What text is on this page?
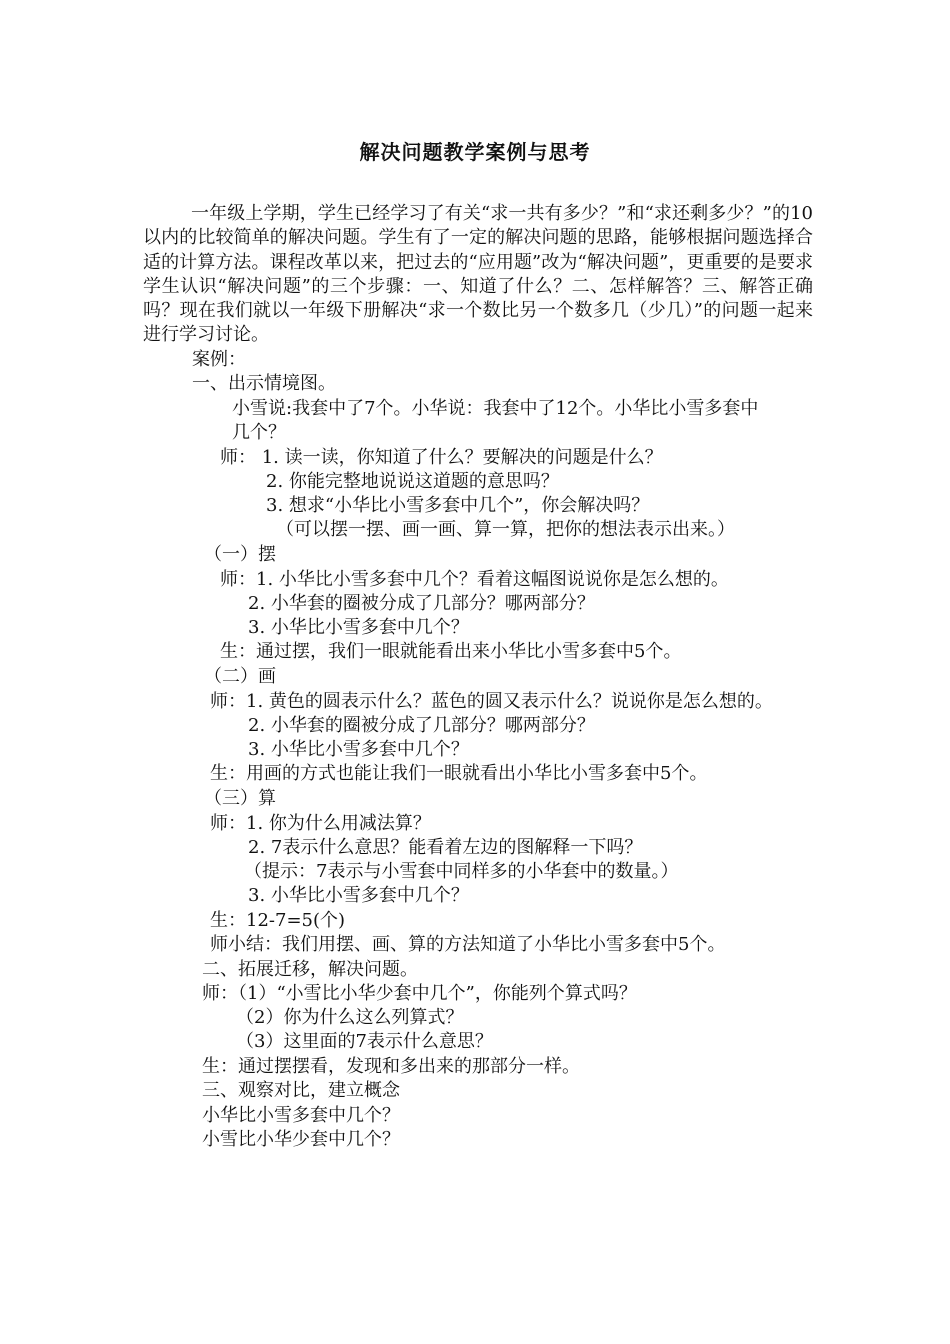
解决问题教学案例与思考

一年级上学期，学生已经学习了有关“求一共有多少？”和“求还剩多少？”的10以内的比较简单的解决问题。学生有了一定的解决问题的思路，能够根据问题选择合适的计算方法。课程改革以来，把过去的“应用题”改为“解决问题”，更重要的是要求学生认识“解决问题”的三个步骤：一、知道了什么？二、怎样解答？三、解答正确吗？现在我们就以一年级下册解决“求一个数比另一个数多几（少几）”的问题一起来进行学习讨论。

案例：

一、出示情境图。

小雪说:我套中了7个。小华说：我套中了12个。小华比小雪多套中

几个？

师： 1. 读一读，你知道了什么？要解决的问题是什么？

2. 你能完整地说说这道题的意思吗？

3. 想求“小华比小雪多套中几个”，你会解决吗？

（可以摆一摆、画一画、算一算，把你的想法表示出来。）

（一）摆

师：1. 小华比小雪多套中几个？看着这幅图说说你是怎么想的。

2. 小华套的圈被分成了几部分？哪两部分？

3. 小华比小雪多套中几个？

生：通过摆，我们一眼就能看出来小华比小雪多套中5个。

（二）画

师：1. 黄色的圆表示什么？蓝色的圆又表示什么？说说你是怎么想的。

2. 小华套的圈被分成了几部分？哪两部分？

3. 小华比小雪多套中几个？

生：用画的方式也能让我们一眼就看出小华比小雪多套中5个。

（三）算

师：1. 你为什么用减法算？

2. 7表示什么意思？能看着左边的图解释一下吗？

（提示：7表示与小雪套中同样多的小华套中的数量。）

3. 小华比小雪多套中几个？

生：12-7=5(个)

师小结：我们用摆、画、算的方法知道了小华比小雪多套中5个。

二、拓展迁移，解决问题。

师：（1）“小雪比小华少套中几个”，你能列个算式吗？

（2）你为什么这么列算式？

（3）这里面的7表示什么意思？

生：通过摆摆看，发现和多出来的那部分一样。

三、观察对比，建立概念

小华比小雪多套中几个？

小雪比小华少套中几个？
